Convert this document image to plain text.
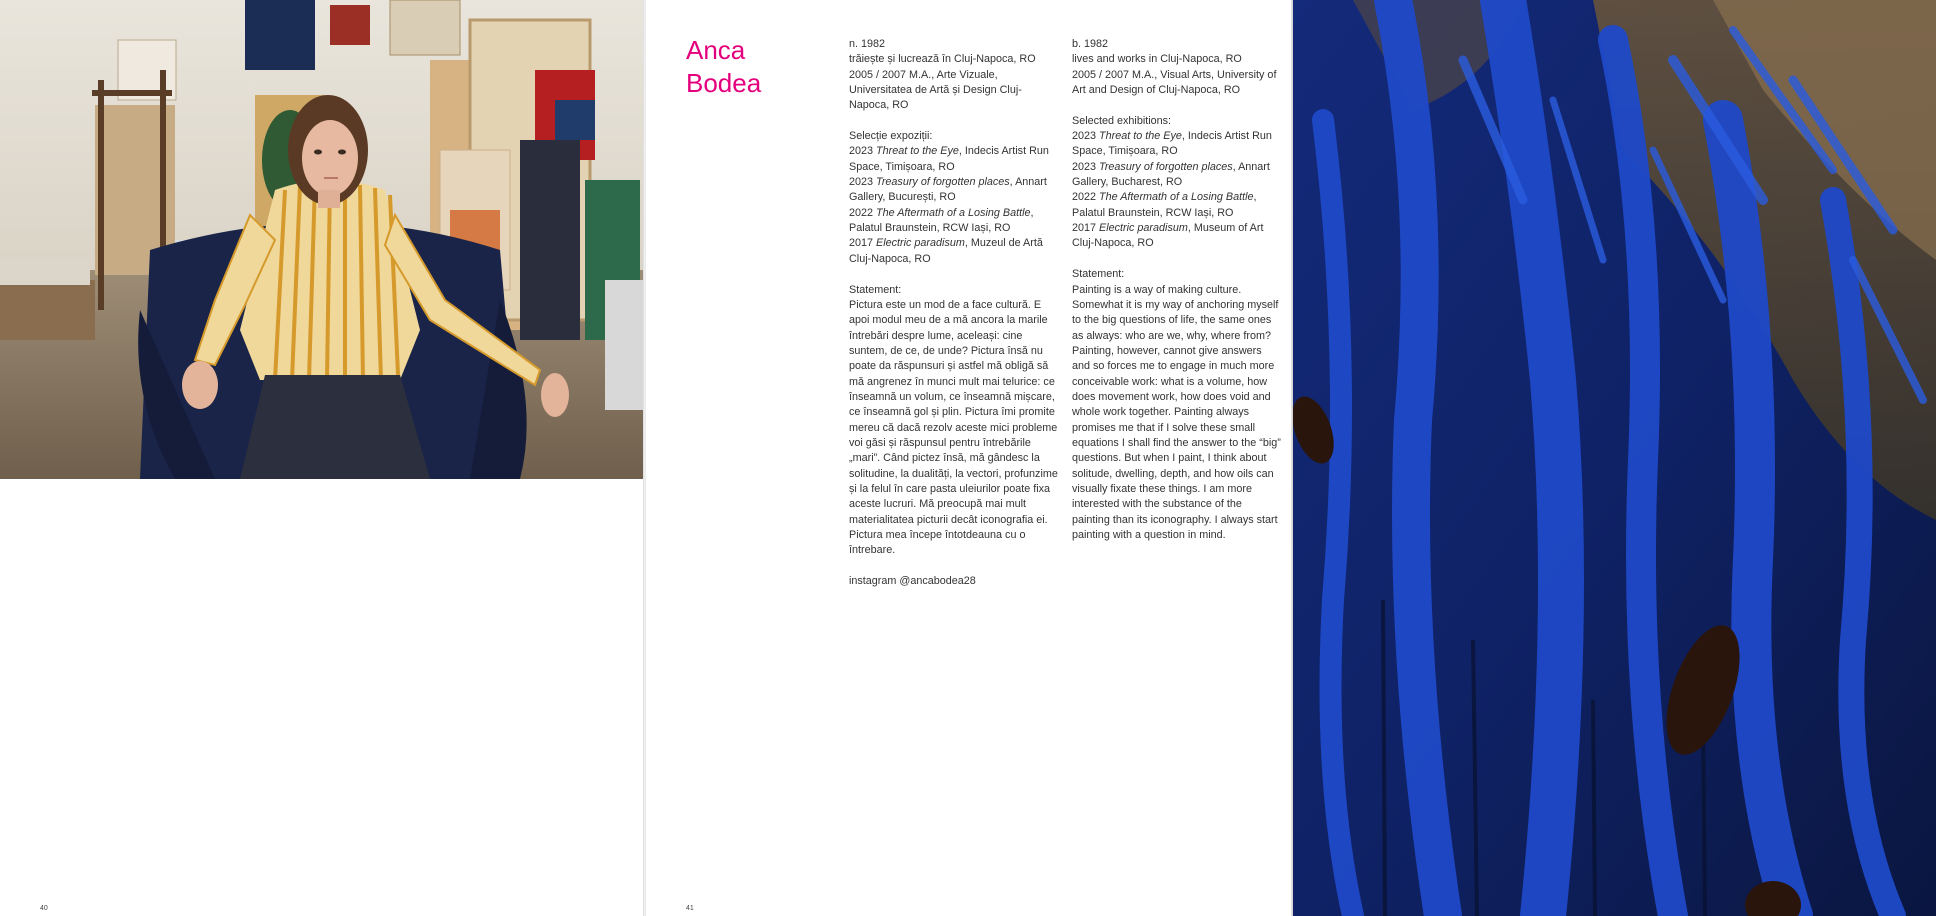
40
Anca
Bodea

n. 1982

trăiește și lucrează în Cluj-Napoca, RO

2005 / 2007 M.A., Arte Vizuale, Universitatea de Artă și Design Cluj-Napoca, RO

Selecție expoziții:

2023 Threat to the Eye, Indecis Artist Run Space, Timișoara, RO

2023 Treasury of forgotten places, Annart Gallery, București, RO

2022 The Aftermath of a Losing Battle, Palatul Braunstein, RCW Iași, RO

2017 Electric paradisum, Muzeul de Artă Cluj-Napoca, RO

Statement:

Pictura este un mod de a face cultură. E apoi modul meu de a mă ancora la marile întrebări despre lume, aceleași: cine suntem, de ce, de unde? Pictura însă nu poate da răspunsuri și astfel mă obligă să mă angrenez în munci mult mai telurice: ce înseamnă un volum, ce înseamnă mișcare, ce înseamnă gol și plin. Pictura îmi promite mereu că dacă rezolv aceste mici probleme voi găsi și răspunsul pentru întrebările „mari”. Când pictez însă, mă gândesc la solitudine, la dualități, la vectori, profunzime și la felul în care pasta uleiurilor poate fixa aceste lucruri. Mă preocupă mai mult materialitatea picturii decât iconografia ei. Pictura mea începe întotdeauna cu o întrebare.

instagram @ancabodea28

b. 1982

lives and works in Cluj-Napoca, RO

2005 / 2007 M.A., Visual Arts, University of Art and Design of Cluj-Napoca, RO

Selected exhibitions:

2023 Threat to the Eye, Indecis Artist Run Space, Timișoara, RO

2023 Treasury of forgotten places, Annart Gallery, Bucharest, RO

2022 The Aftermath of a Losing Battle, Palatul Braunstein, RCW Iași, RO

2017 Electric paradisum, Museum of Art Cluj-Napoca, RO

Statement:

Painting is a way of making culture. Somewhat it is my way of anchoring myself to the big questions of life, the same ones as always: who are we, why, where from? Painting, however, cannot give answers and so forces me to engage in much more conceivable work: what is a volume, how does movement work, how does void and whole work together. Painting always promises me that if I solve these small equations I shall find the answer to the “big” questions. But when I paint, I think about solitude, dwelling, depth, and how oils can visually fixate these things. I am more interested with the substance of the painting than its iconography. I always start painting with a question in mind.

41
